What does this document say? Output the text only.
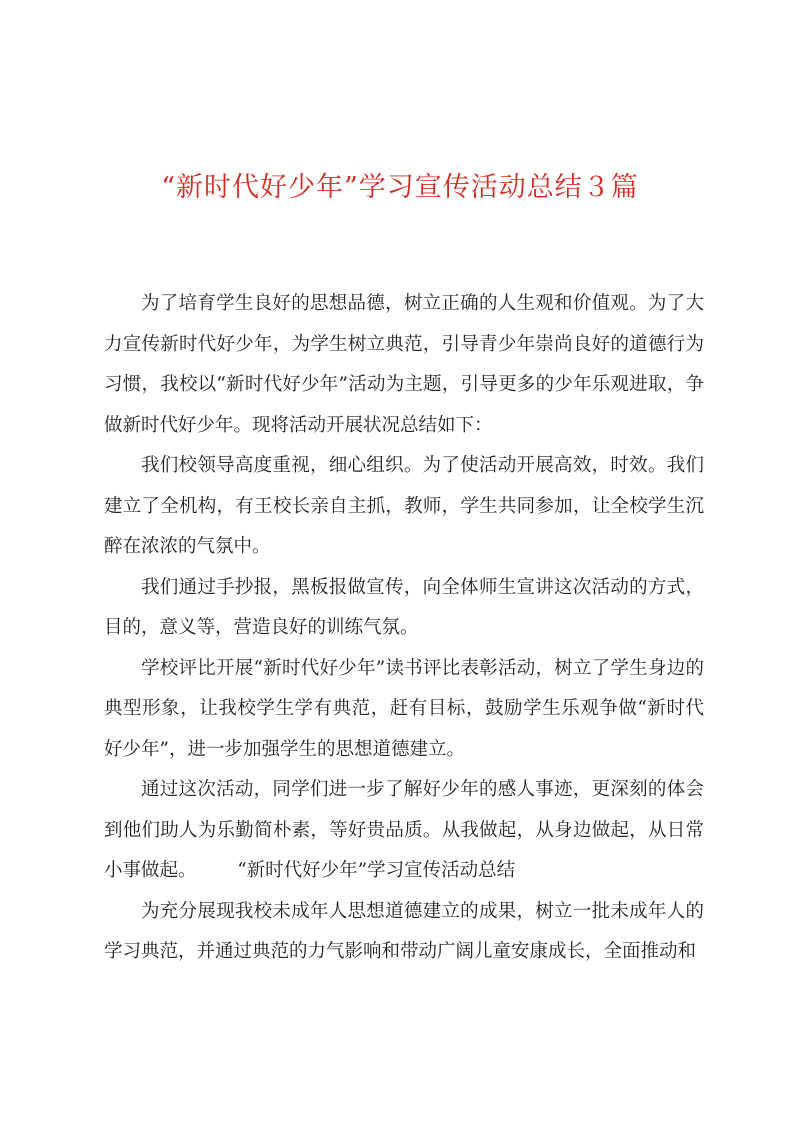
“新时代好少年”学习宣传活动总结３篇

为了培育学生良好的思想品德，树立正确的人生观和价值观。为了大力宣传新时代好少年，为学生树立典范，引导青少年崇尚良好的道德行为习惯，我校以“新时代好少年”活动为主题，引导更多的少年乐观进取，争做新时代好少年。现将活动开展状况总结如下：

我们校领导高度重视，细心组织。为了使活动开展高效，时效。我们建立了全机构，有王校长亲自主抓，教师，学生共同参加，让全校学生沉醉在浓浓的气氛中。

我们通过手抄报，黑板报做宣传，向全体师生宣讲这次活动的方式，目的，意义等，营造良好的训练气氛。

学校评比开展“新时代好少年”读书评比表彰活动，树立了学生身边的典型形象，让我校学生学有典范，赶有目标，鼓励学生乐观争做“新时代好少年”，进一步加强学生的思想道德建立。

通过这次活动，同学们进一步了解好少年的感人事迹，更深刻的体会到他们助人为乐勤简朴素，等好贵品质。从我做起，从身边做起，从日常小事做起。 “新时代好少年”学习宣传活动总结

为充分展现我校未成年人思想道德建立的成果，树立一批未成年人的学习典范，并通过典范的力气影响和带动广阔儿童安康成长，全面推动和
